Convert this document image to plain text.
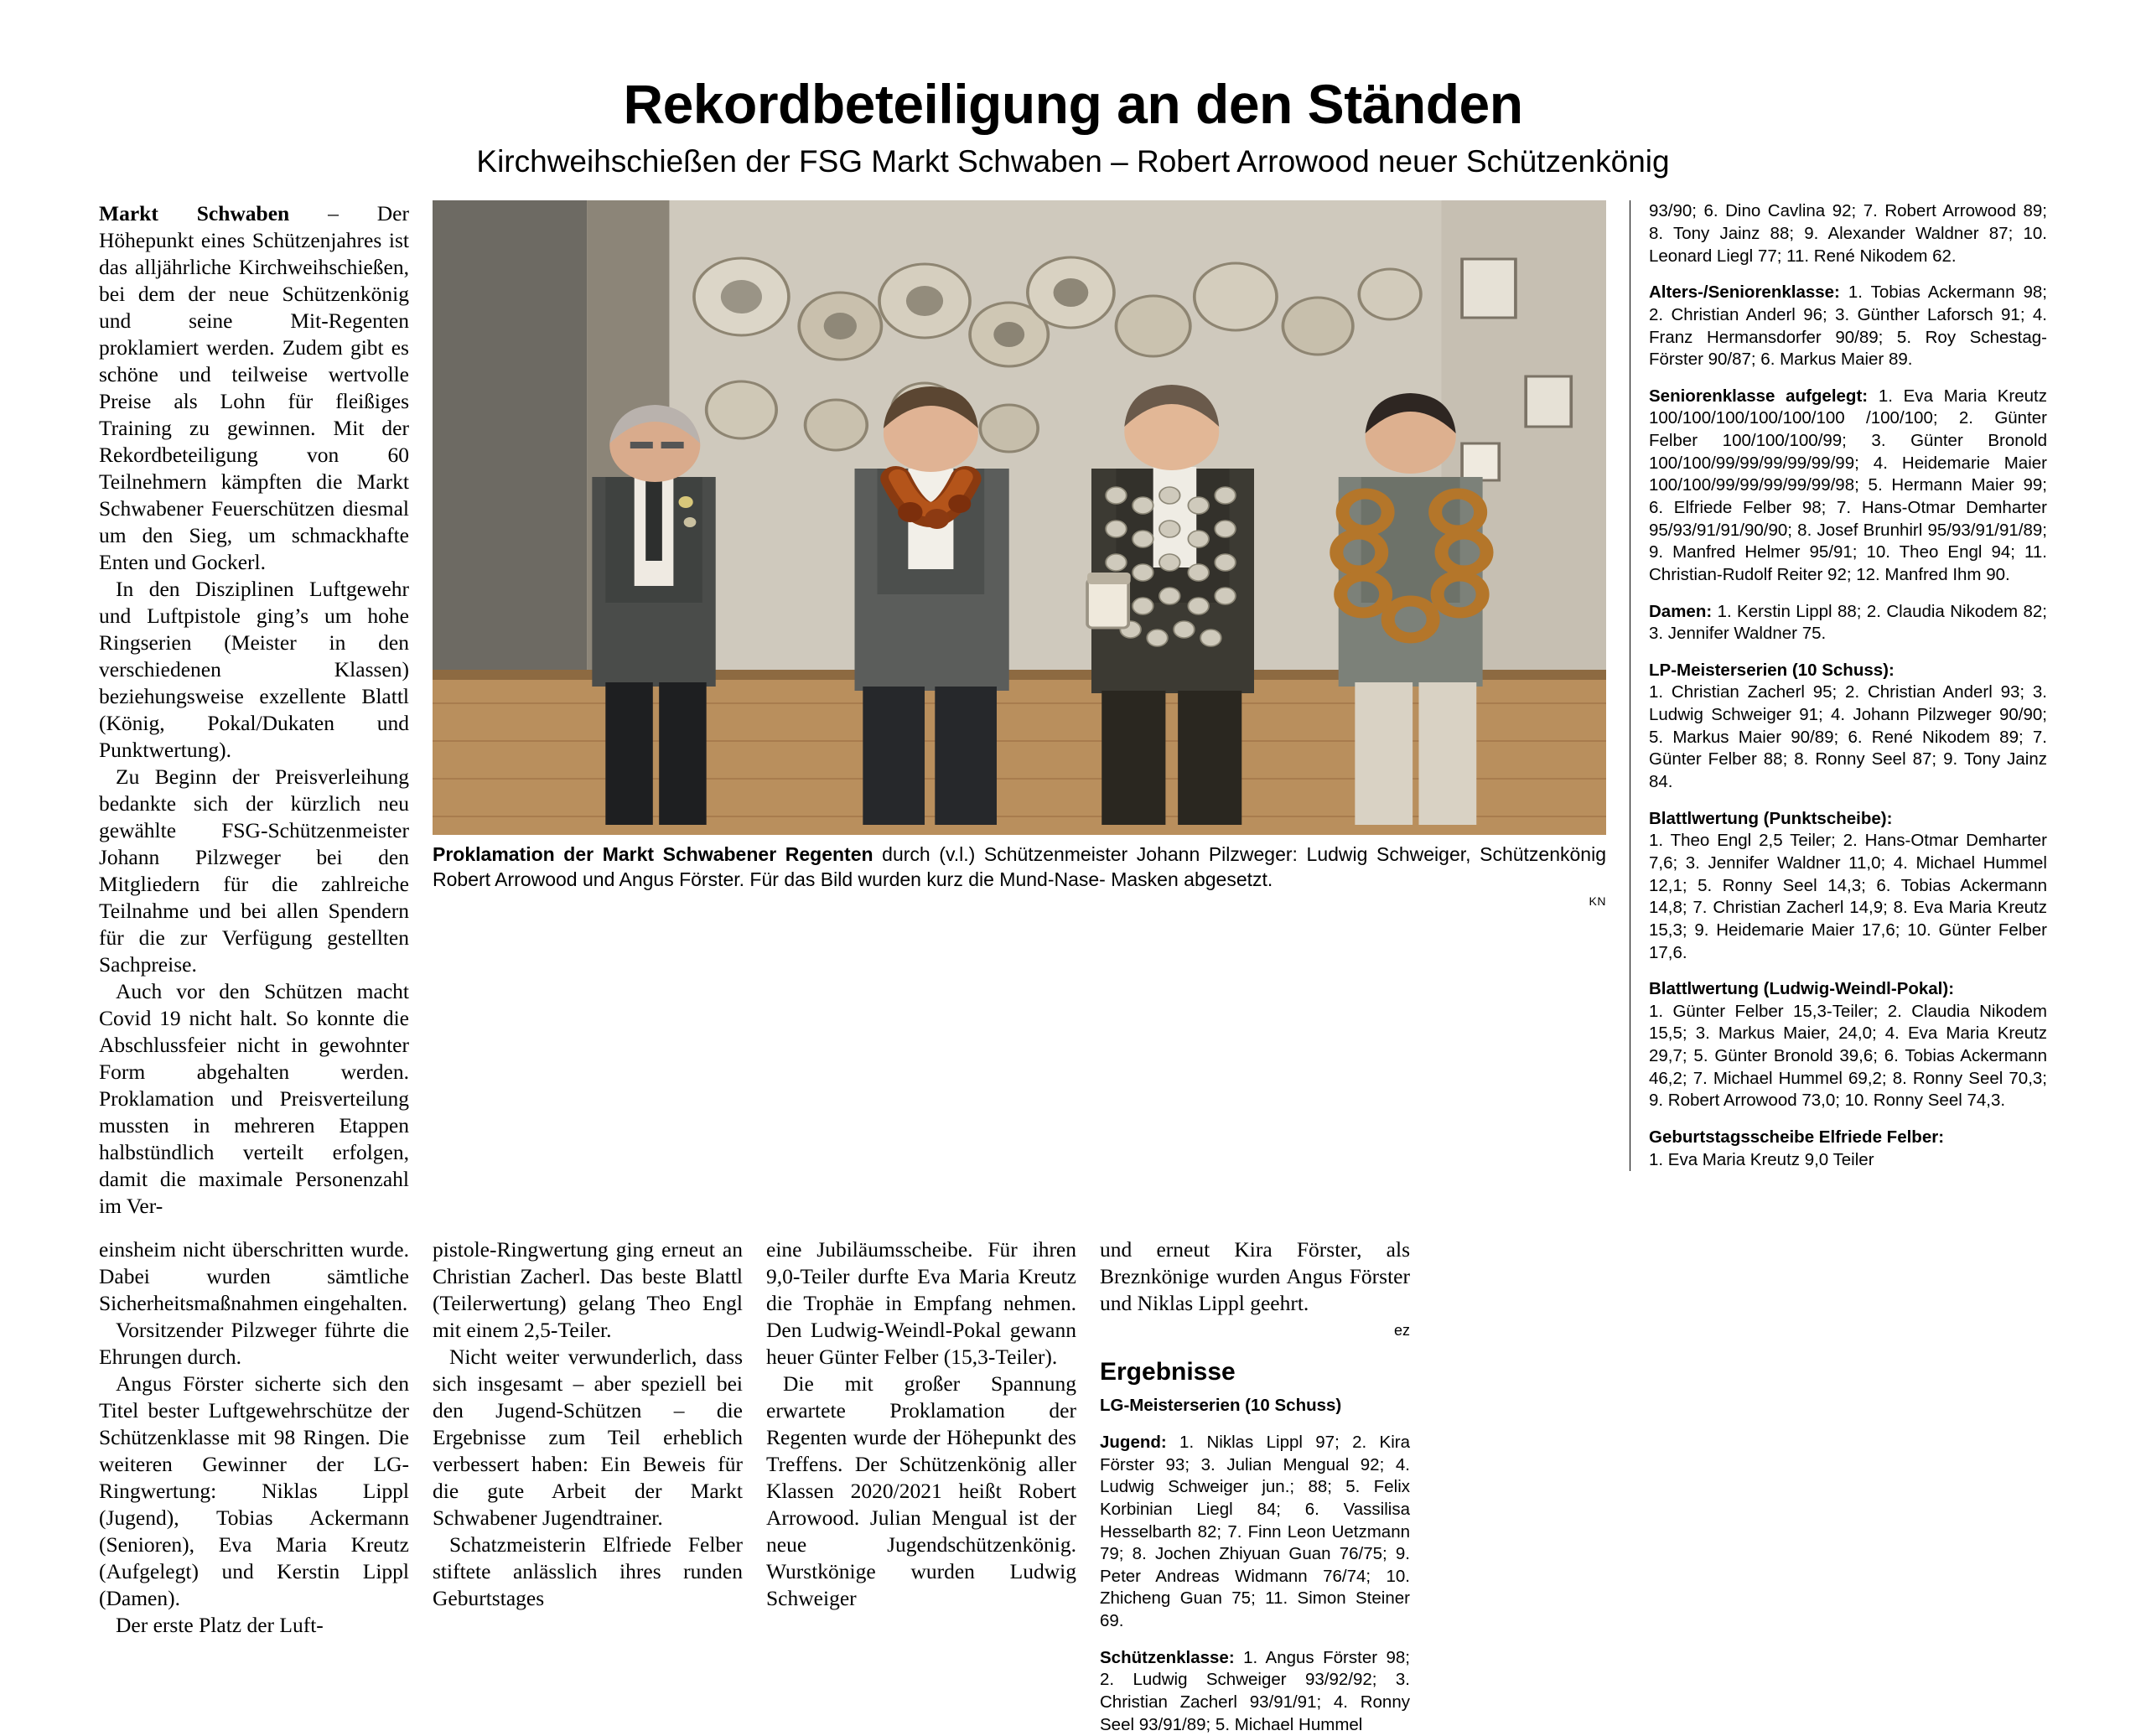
Rekordbeteiligung an den Ständen
Kirchweihschießen der FSG Markt Schwaben – Robert Arrowood neuer Schützenkönig

Markt Schwaben – Der Höhepunkt eines Schützenjahres ist das alljährliche Kirchweihschießen, bei dem der neue Schützenkönig und seine Mit-Regenten proklamiert werden. Zudem gibt es schöne und teilweise wertvolle Preise als Lohn für fleißiges Training zu gewinnen. Mit der Rekordbeteiligung von 60 Teilnehmern kämpften die Markt Schwabener Feuerschützen diesmal um den Sieg, um schmackhafte Enten und Gockerl.

In den Disziplinen Luftgewehr und Luftpistole ging’s um hohe Ringserien (Meister in den verschiedenen Klassen) beziehungsweise exzellente Blattl (König, Pokal/Dukaten und Punktwertung).

Zu Beginn der Preisverleihung bedankte sich der kürzlich neu gewählte FSG-Schützenmeister Johann Pilzweger bei den Mitgliedern für die zahlreiche Teilnahme und bei allen Spendern für die zur Verfügung gestellten Sachpreise.

Auch vor den Schützen macht Covid 19 nicht halt. So konnte die Abschlussfeier nicht in gewohnter Form abgehalten werden. Proklamation und Preisverteilung mussten in mehreren Etappen halbstündlich verteilt erfolgen, damit die maximale Personenzahl im Ver-

Proklamation der Markt Schwabener Regenten durch (v.l.) Schützenmeister Johann Pilzweger: Ludwig Schweiger, Schützenkönig Robert Arrowood und Angus Förster. Für das Bild wurden kurz die Mund-Nase- Masken abgesetzt.
KN

93/90; 6. Dino Cavlina 92; 7. Robert Arrowood 89; 8. Tony Jainz 88; 9. Alexander Waldner 87; 10. Leonard Liegl 77; 11. René Nikodem 62.

Alters-/Seniorenklasse: 1. Tobias Ackermann 98; 2. Christian Anderl 96; 3. Günther Laforsch 91; 4. Franz Hermansdorfer 90/89; 5. Roy Schestag-Förster 90/87; 6. Markus Maier 89.

Seniorenklasse aufgelegt: 1. Eva Maria Kreutz 100/100/100/100/100/100 /100/100; 2. Günter Felber 100/100/100/99; 3. Günter Bronold 100/100/99/99/99/99/99/99; 4. Heidemarie Maier 100/100/99/99/99/99/99/98; 5. Hermann Maier 99; 6. Elfriede Felber 98; 7. Hans-Otmar Demharter 95/93/91/91/90/90; 8. Josef Brunhirl 95/93/91/91/89; 9. Manfred Helmer 95/91; 10. Theo Engl 94; 11. Christian-Rudolf Reiter 92; 12. Manfred Ihm 90.

Damen: 1. Kerstin Lippl 88; 2. Claudia Nikodem 82; 3. Jennifer Waldner 75.

LP-Meisterserien (10 Schuss):
1. Christian Zacherl 95; 2. Christian Anderl 93; 3. Ludwig Schweiger 91; 4. Johann Pilzweger 90/90; 5. Markus Maier 90/89; 6. René Nikodem 89; 7. Günter Felber 88; 8. Ronny Seel 87; 9. Tony Jainz 84.

Blattlwertung (Punktscheibe):
1. Theo Engl 2,5 Teiler; 2. Hans-Otmar Demharter 7,6; 3. Jennifer Waldner 11,0; 4. Michael Hummel 12,1; 5. Ronny Seel 14,3; 6. Tobias Ackermann 14,8; 7. Christian Zacherl 14,9; 8. Eva Maria Kreutz 15,3; 9. Heidemarie Maier 17,6; 10. Günter Felber 17,6.

Blattlwertung (Ludwig-Weindl-Pokal):
1. Günter Felber 15,3-Teiler; 2. Claudia Nikodem 15,5; 3. Markus Maier, 24,0; 4. Eva Maria Kreutz 29,7; 5. Günter Bronold 39,6; 6. Tobias Ackermann 46,2; 7. Michael Hummel 69,2; 8. Ronny Seel 70,3; 9. Robert Arrowood 73,0; 10. Ronny Seel 74,3.

Geburtstagsscheibe Elfriede Felber:
1. Eva Maria Kreutz 9,0 Teiler

einsheim nicht überschritten wurde. Dabei wurden sämtliche Sicherheitsmaßnahmen eingehalten.

Vorsitzender Pilzweger führte die Ehrungen durch.

Angus Förster sicherte sich den Titel bester Luftgewehrschütze der Schützenklasse mit 98 Ringen. Die weiteren Gewinner der LG-Ringwertung: Niklas Lippl (Jugend), Tobias Ackermann (Senioren), Eva Maria Kreutz (Aufgelegt) und Kerstin Lippl (Damen).

Der erste Platz der Luft-

pistole-Ringwertung ging erneut an Christian Zacherl. Das beste Blattl (Teilerwertung) gelang Theo Engl mit einem 2,5-Teiler.

Nicht weiter verwunderlich, dass sich insgesamt – aber speziell bei den Jugend-Schützen – die Ergebnisse zum Teil erheblich verbessert haben: Ein Beweis für die gute Arbeit der Markt Schwabener Jugendtrainer.

Schatzmeisterin Elfriede Felber stiftete anlässlich ihres runden Geburtstages

eine Jubiläumsscheibe. Für ihren 9,0-Teiler durfte Eva Maria Kreutz die Trophäe in Empfang nehmen. Den Ludwig-Weindl-Pokal gewann heuer Günter Felber (15,3-Teiler).

Die mit großer Spannung erwartete Proklamation der Regenten wurde der Höhepunkt des Treffens. Der Schützenkönig aller Klassen 2020/2021 heißt Robert Arrowood. Julian Mengual ist der neue Jugendschützenkönig. Wurstkönige wurden Ludwig Schweiger

und erneut Kira Förster, als Breznkönige wurden Angus Förster und Niklas Lippl geehrt.

ez
Ergebnisse

LG-Meisterserien (10 Schuss)

Jugend: 1. Niklas Lippl 97; 2. Kira Förster 93; 3. Julian Mengual 92; 4. Ludwig Schweiger jun.; 88; 5. Felix Korbinian Liegl 84; 6. Vassilisa Hesselbarth 82; 7. Finn Leon Uetzmann 79; 8. Jochen Zhiyuan Guan 76/75; 9. Peter Andreas Widmann 76/74; 10. Zhicheng Guan 75; 11. Simon Steiner 69.

Schützenklasse: 1. Angus Förster 98; 2. Ludwig Schweiger 93/92/92; 3. Christian Zacherl 93/91/91; 4. Ronny Seel 93/91/89; 5. Michael Hummel
